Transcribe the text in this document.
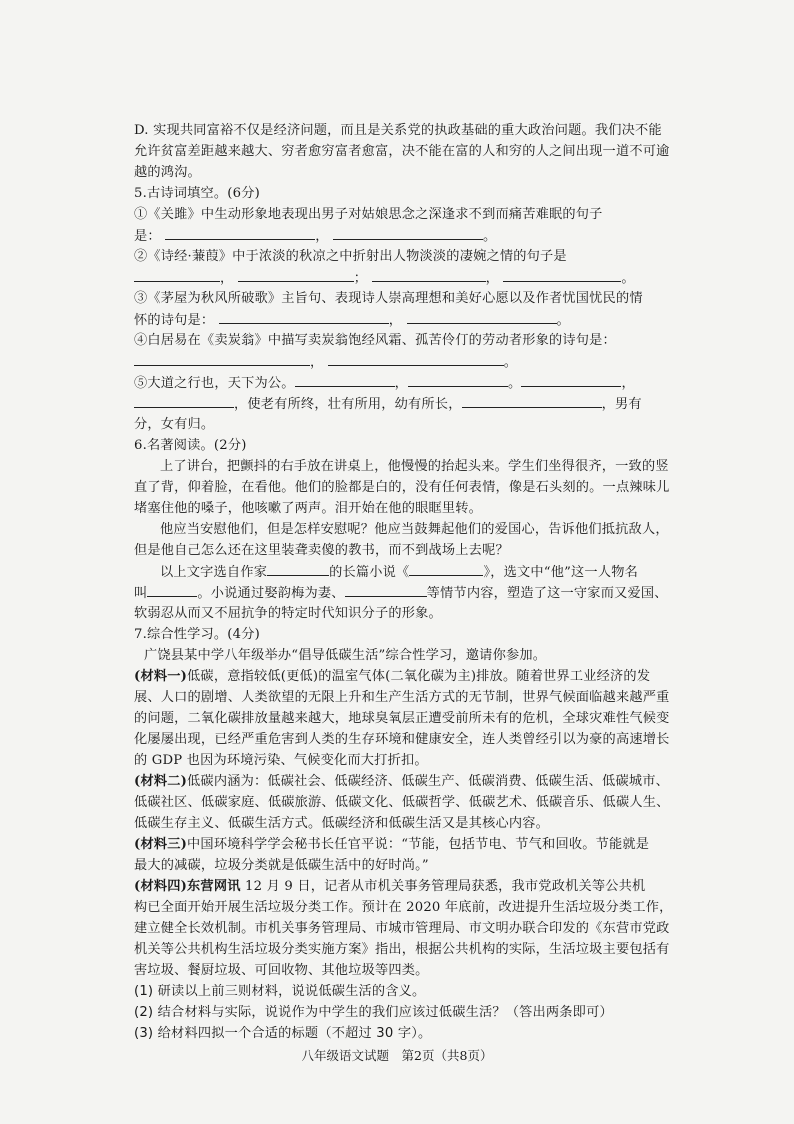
D. 实现共同富裕不仅是经济问题，而且是关系党的执政基础的重大政治问题。我们决不能
允许贫富差距越来越大、穷者愈穷富者愈富，决不能在富的人和穷的人之间出现一道不可逾
越的鸿沟。
5.古诗词填空。(6分)
①《关雎》中生动形象地表现出男子对姑娘思念之深逢求不到而痛苦难眠的句子
是：	，	。
②《诗经·蒹葭》中于浓淡的秋凉之中折射出人物淡淡的凄婉之情的句子是
，	；	，	。
③《茅屋为秋风所破歌》主旨句、表现诗人崇高理想和美好心愿以及作者忧国忧民的情
怀的诗句是：	，	。
④白居易在《卖炭翁》中描写卖炭翁饱经风霜、孤苦伶仃的劳动者形象的诗句是：
，	。
⑤大道之行也，天下为公。	，	。	，
，使老有所终，壮有所用，幼有所长，	，男有
分，女有归。
6.名著阅读。(2分)
上了讲台，把颤抖的右手放在讲桌上，他慢慢的抬起头来。学生们坐得很齐，一致的竖
直了背，仰着脸，在看他。他们的脸都是白的，没有任何表情，像是石头刻的。一点辣味儿
堵塞住他的嗓子，他咳嗽了两声。泪开始在他的眼眶里转。
他应当安慰他们，但是怎样安慰呢？他应当鼓舞起他们的爱国心，告诉他们抵抗敌人，
但是他自己怎么还在这里装聋卖傻的教书，而不到战场上去呢？
以上文字选自作家	的长篇小说《	》，选文中“他”这一人物名
叫	。小说通过娶韵梅为妻、	等情节内容，塑造了这一守家而又爱国、
软弱忍从而又不屈抗争的特定时代知识分子的形象。
7.综合性学习。(4分)
广饶县某中学八年级举办“倡导低碳生活”综合性学习，邀请你参加。
(材料一)低碳，意指较低(更低)的温室气体(二氧化碳为主)排放。随着世界工业经济的发
展、人口的剧增、人类欲望的无限上升和生产生活方式的无节制，世界气候面临越来越严重
的问题，二氧化碳排放量越来越大，地球臭氧层正遭受前所未有的危机，全球灾难性气候变
化屡屡出现，已经严重危害到人类的生存环境和健康安全，连人类曾经引以为豪的高速增长
的 GDP 也因为环境污染、气候变化而大打折扣。
(材料二)低碳内涵为：低碳社会、低碳经济、低碳生产、低碳消费、低碳生活、低碳城市、
低碳社区、低碳家庭、低碳旅游、低碳文化、低碳哲学、低碳艺术、低碳音乐、低碳人生、
低碳生存主义、低碳生活方式。低碳经济和低碳生活又是其核心内容。
(材料三)中国环境科学学会秘书长任官平说：“节能，包括节电、节气和回收。节能就是
最大的减碳，垃圾分类就是低碳生活中的好时尚。”
(材料四)东营网讯 12 月 9 日，记者从市机关事务管理局获悉，我市党政机关等公共机
构已全面开始开展生活垃圾分类工作。预计在 2020 年底前，改进提升生活垃圾分类工作，
建立健全长效机制。市机关事务管理局、市城市管理局、市文明办联合印发的《东营市党政
机关等公共机构生活垃圾分类实施方案》指出，根据公共机构的实际，生活垃圾主要包括有
害垃圾、餐厨垃圾、可回收物、其他垃圾等四类。
(1) 研读以上前三则材料，说说低碳生活的含义。
(2) 结合材料与实际，说说作为中学生的我们应该过低碳生活？（答出两条即可）
(3) 给材料四拟一个合适的标题（不超过 30 字）。
八年级语文试题　第2页（共8页）
